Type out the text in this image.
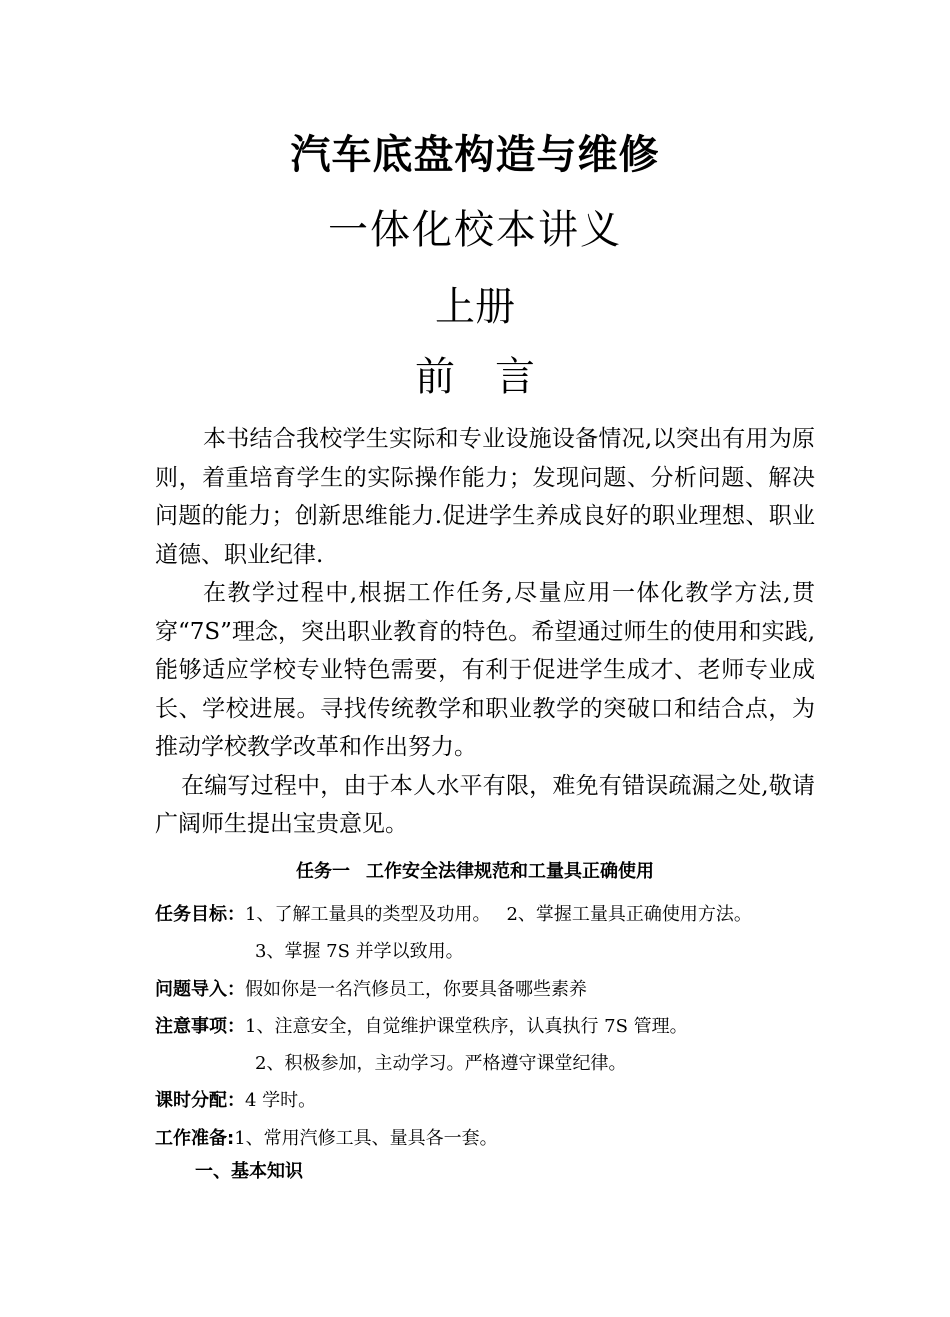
汽车底盘构造与维修
一体化校本讲义
上册
前 言

本书结合我校学生实际和专业设施设备情况,以突出有用为原则，着重培育学生的实际操作能力；发现问题、分析问题、解决问题的能力；创新思维能力.促进学生养成良好的职业理想、职业道德、职业纪律.

在教学过程中,根据工作任务,尽量应用一体化教学方法,贯穿“7S”理念，突出职业教育的特色。希望通过师生的使用和实践,能够适应学校专业特色需要，有利于促进学生成才、老师专业成长、学校进展。寻找传统教学和职业教学的突破口和结合点，为推动学校教学改革和作出努力。

在编写过程中，由于本人水平有限，难免有错误疏漏之处,敬请广阔师生提出宝贵意见。

任务一 工作安全法律规范和工量具正确使用
任务目标：1、了解工量具的类型及功用。 2、掌握工量具正确使用方法。
3、掌握 7S 并学以致用。
问题导入：假如你是一名汽修员工，你要具备哪些素养
注意事项：1、注意安全，自觉维护课堂秩序，认真执行 7S 管理。
2、积极参加，主动学习。严格遵守课堂纪律。
课时分配：4 学时。
工作准备:1、常用汽修工具、量具各一套。
一、基本知识
